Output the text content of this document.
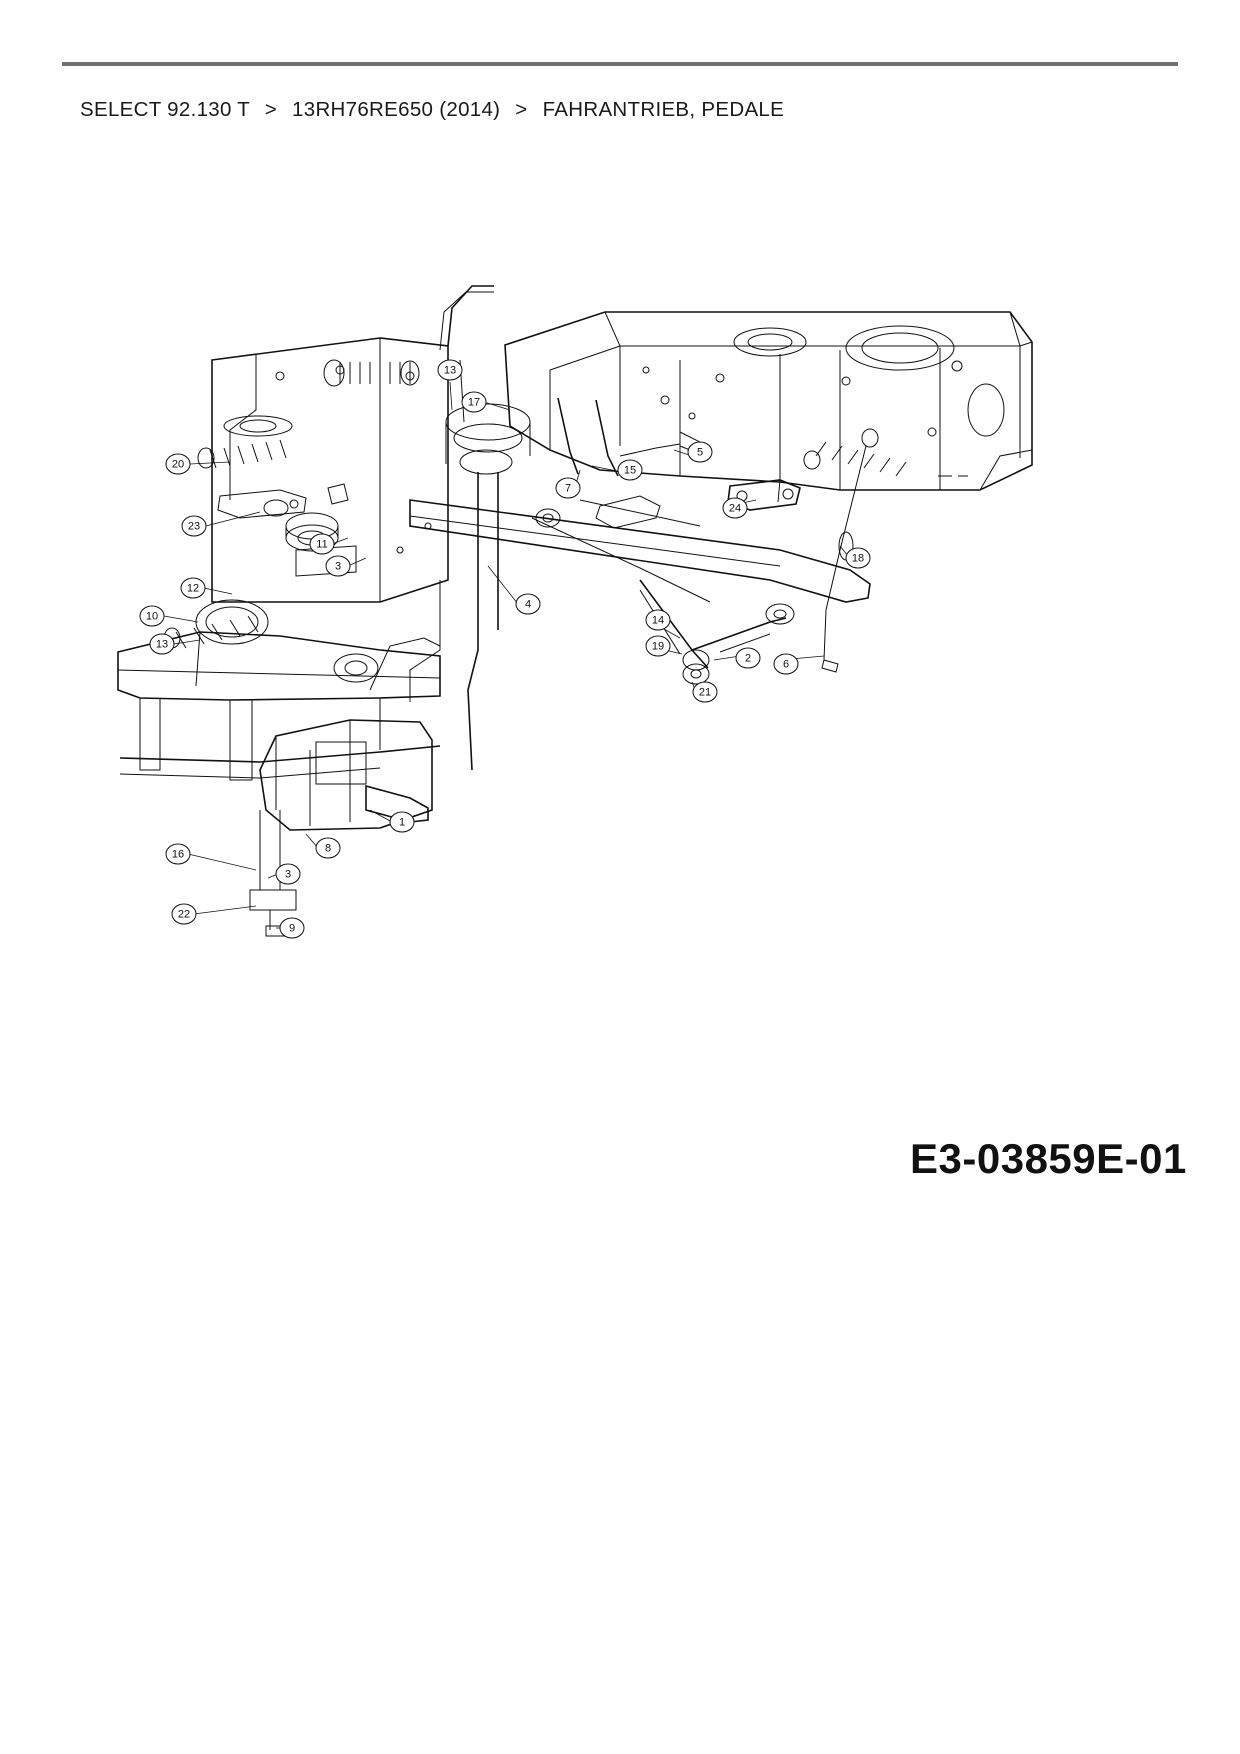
SELECT 92.130 T > 13RH76RE650 (2014) > FAHRANTRIEB, PEDALE
13
17
20
23
11
3
12
10
13
15
5
7
24
18
4
14
19
2	6
21
1
8
16
3
22
9
E3-03859E-01
